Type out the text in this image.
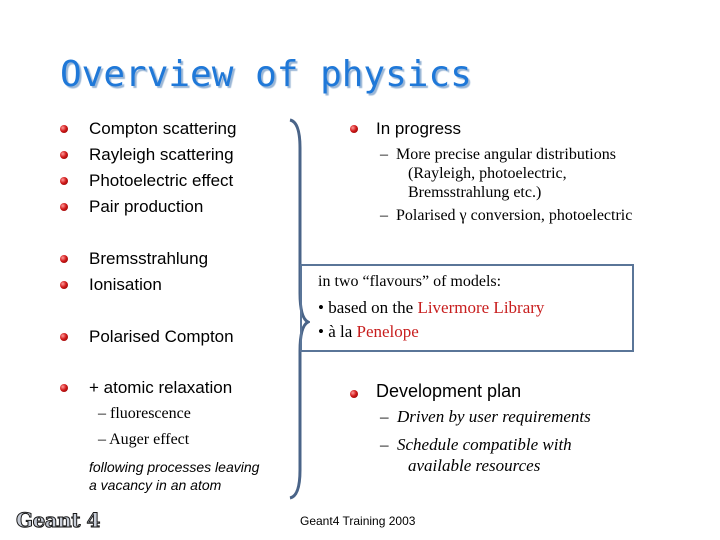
Overview of physics
Compton scattering
Rayleigh scattering
Photoelectric effect
Pair production
Bremsstrahlung
Ionisation
Polarised Compton
+ atomic relaxation
– fluorescence
– Auger effect
following processes leaving
a vacancy in an atom
In progress
–  More precise angular distributions
(Rayleigh, photoelectric,
Bremsstrahlung etc.)
–  Polarised γ conversion, photoelectric
in two “flavours” of models:
• based on the Livermore Library
• à la Penelope
Development plan
–  Driven by user requirements
–  Schedule compatible with
available resources
Geant 4	Geant4 Training 2003
